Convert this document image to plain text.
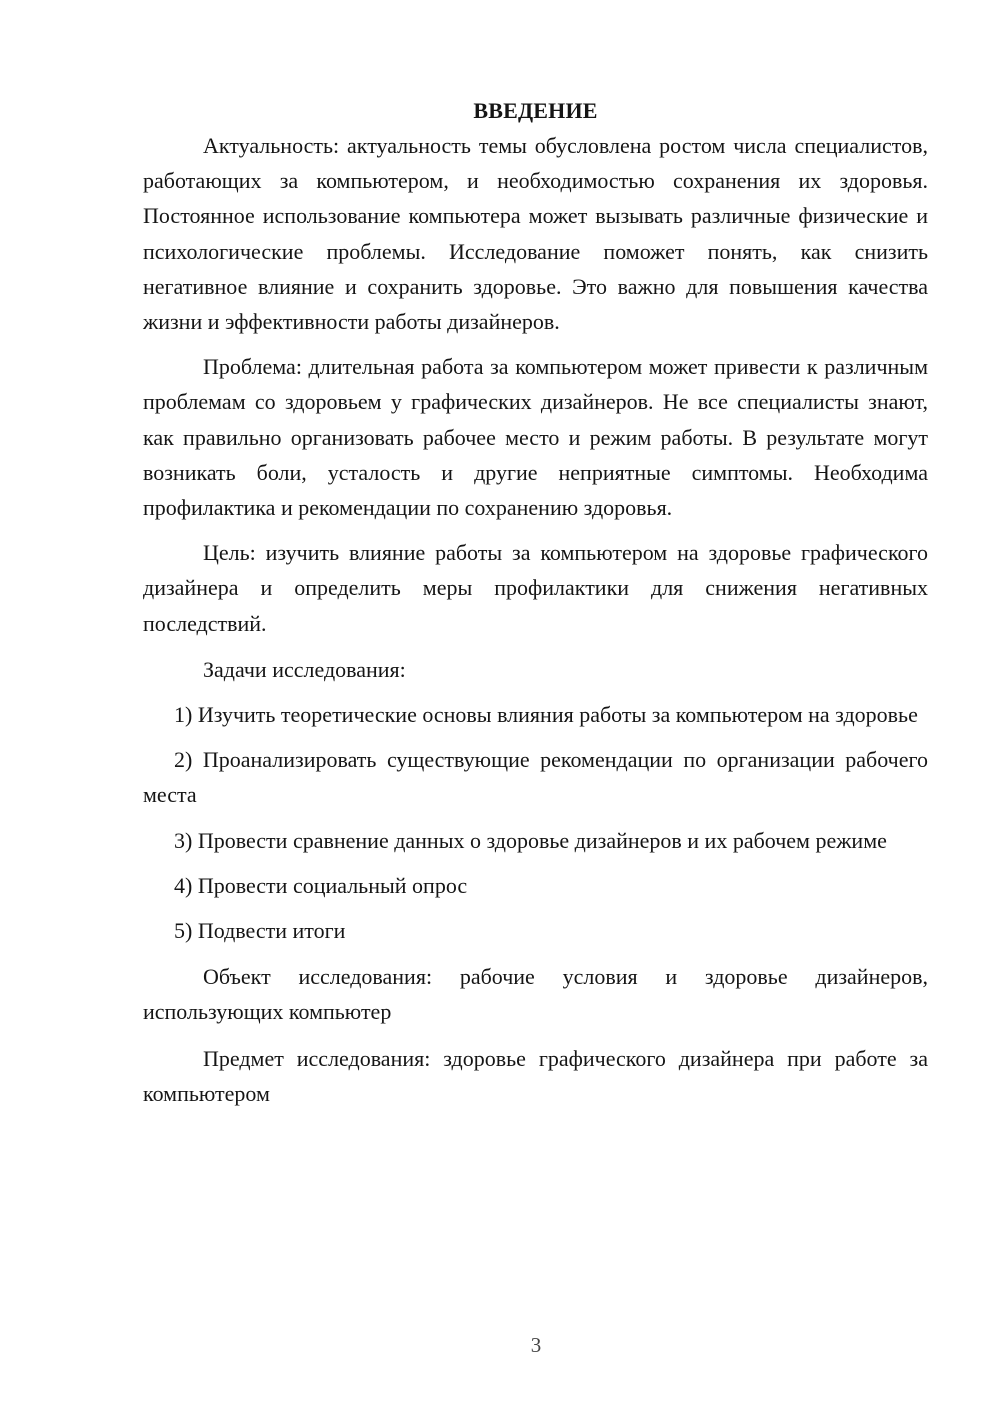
ВВЕДЕНИЕ

Актуальность: актуальность темы обусловлена ростом числа специалистов, работающих за компьютером, и необходимостью сохранения их здоровья. Постоянное использование компьютера может вызывать различные физические и психологические проблемы. Исследование поможет понять, как снизить негативное влияние и сохранить здоровье. Это важно для повышения качества жизни и эффективности работы дизайнеров.

Проблема: длительная работа за компьютером может привести к различным проблемам со здоровьем у графических дизайнеров. Не все специалисты знают, как правильно организовать рабочее место и режим работы. В результате могут возникать боли, усталость и другие неприятные симптомы. Необходима профилактика и рекомендации по сохранению здоровья.

Цель: изучить влияние работы за компьютером на здоровье графического дизайнера и определить меры профилактики для снижения негативных последствий.

Задачи исследования:

1) Изучить теоретические основы влияния работы за компьютером на здоровье

2) Проанализировать существующие рекомендации по организации рабочего места

3) Провести сравнение данных о здоровье дизайнеров и их рабочем режиме

4) Провести социальный опрос

5) Подвести итоги

Объект исследования: рабочие условия и здоровье дизайнеров, использующих компьютер

Предмет исследования: здоровье графического дизайнера при работе за компьютером

3
